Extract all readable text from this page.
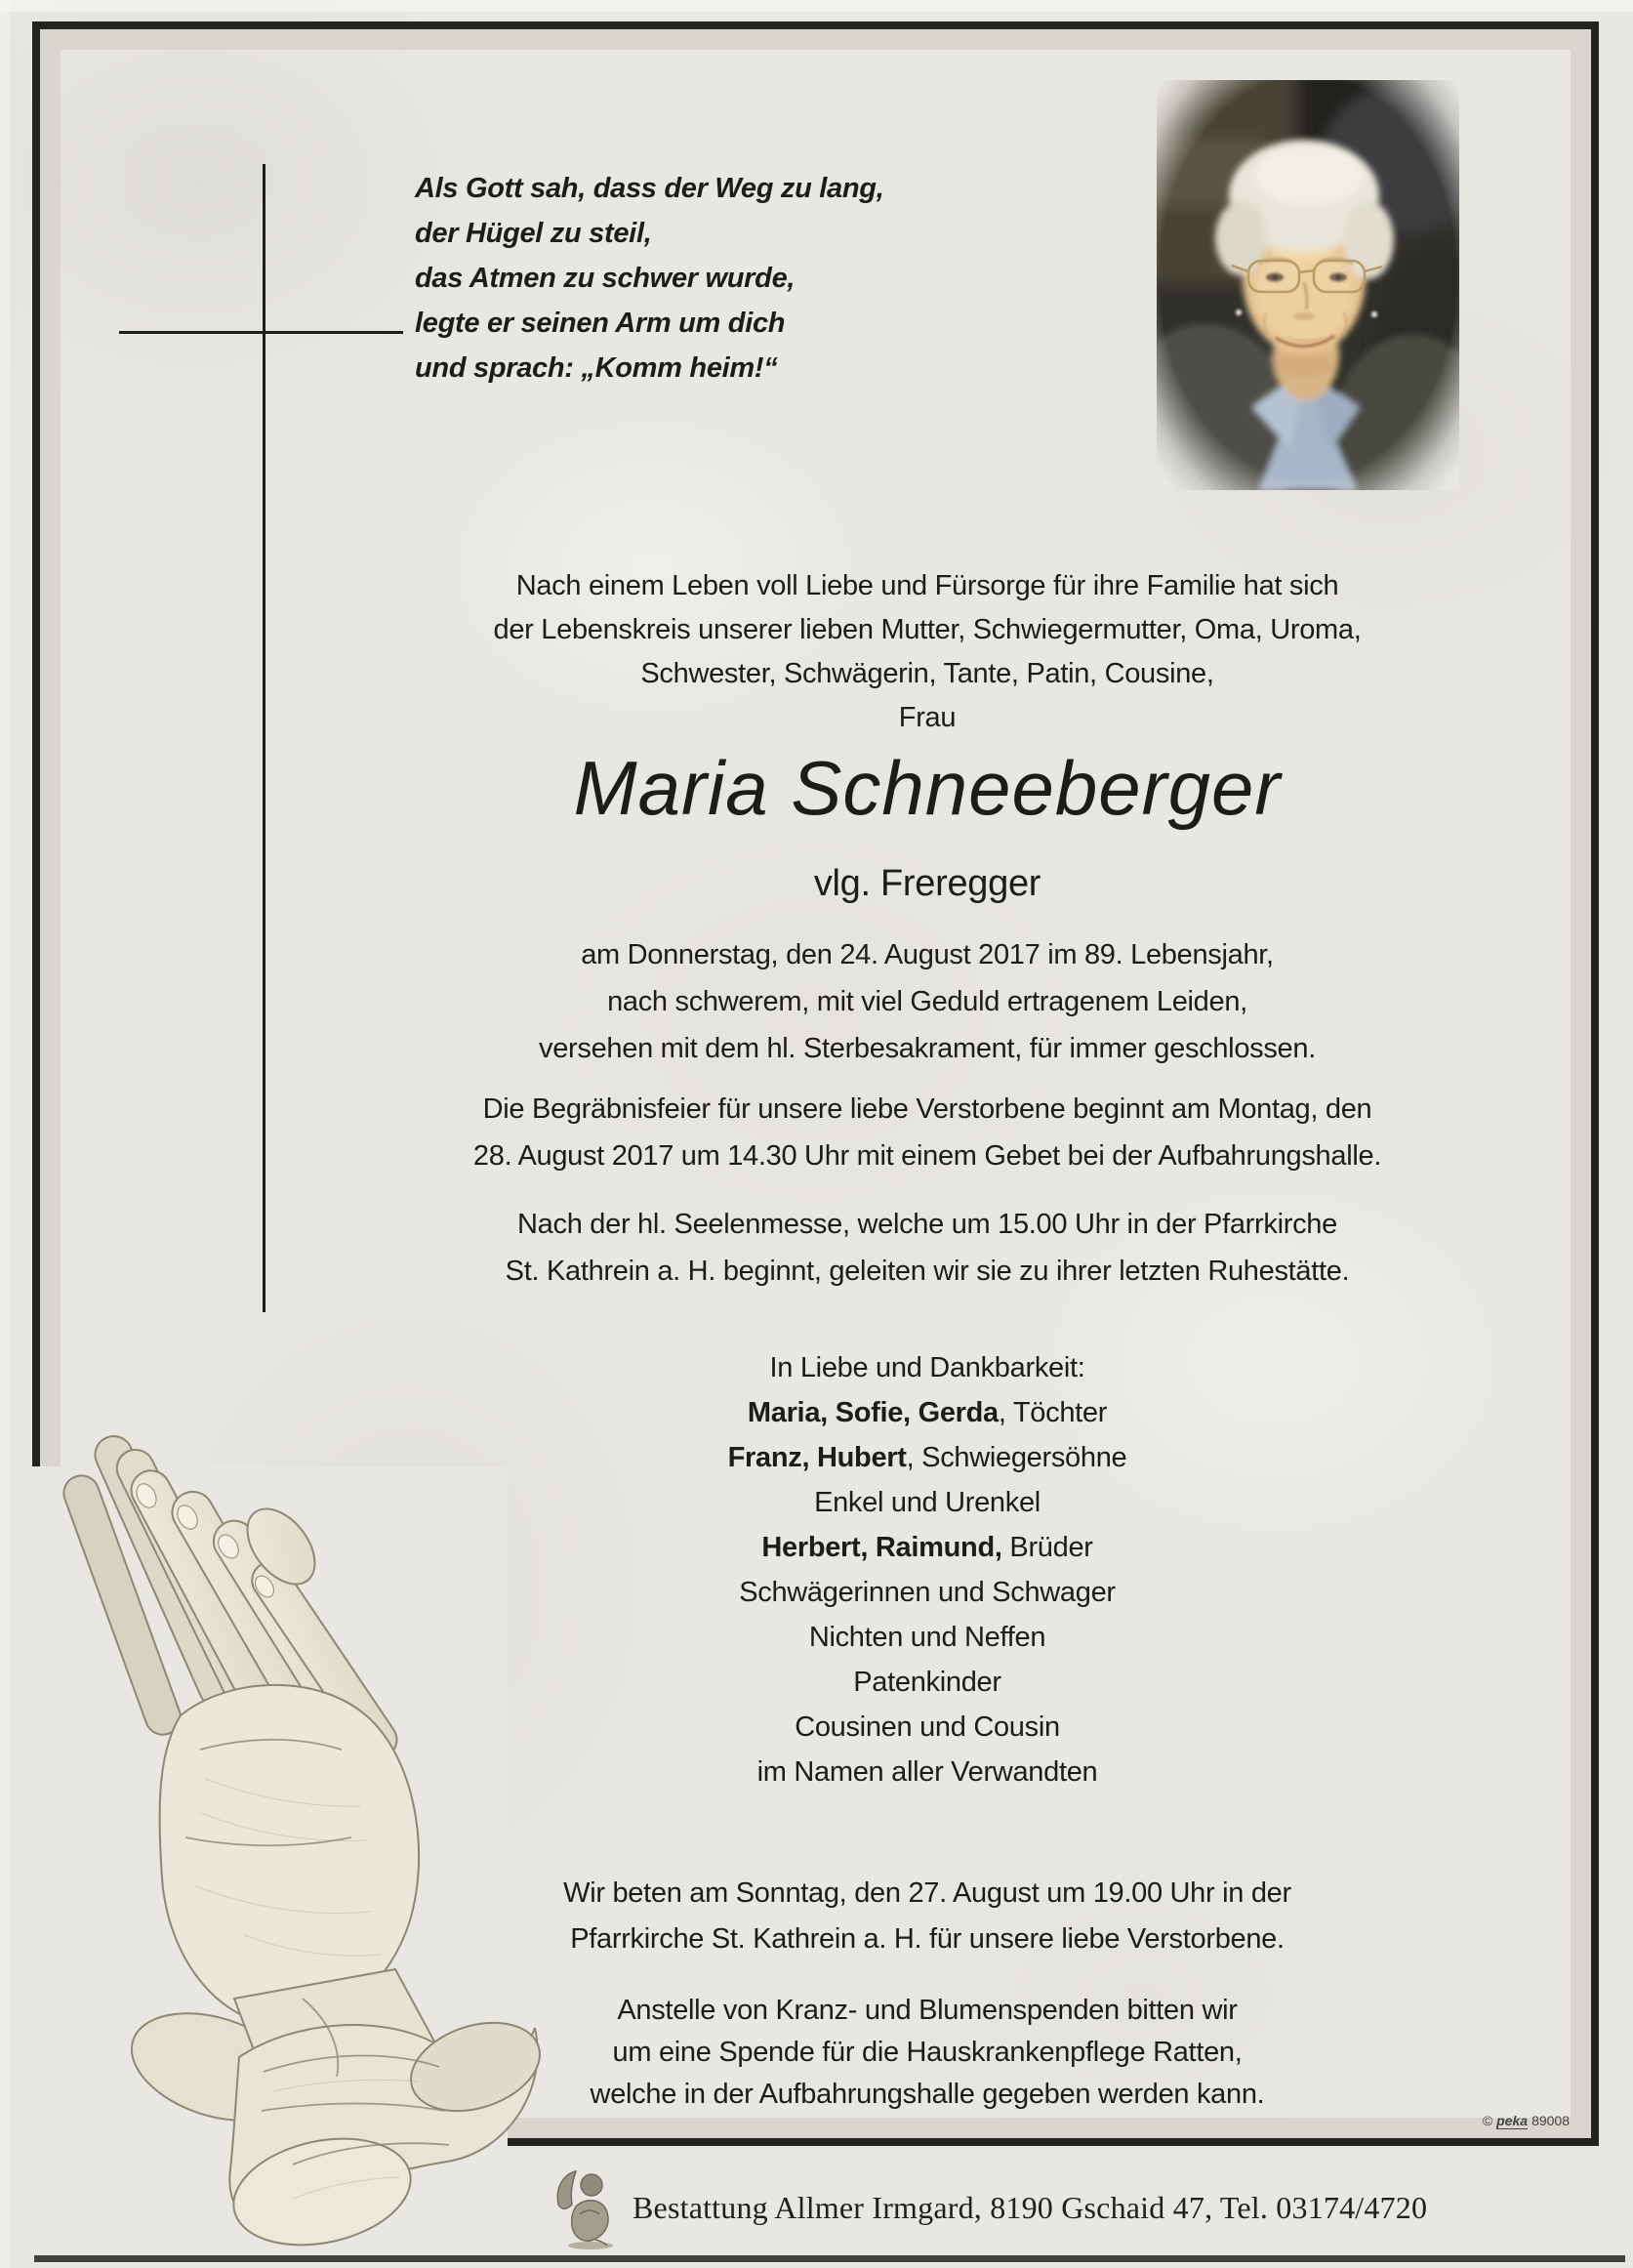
Als Gott sah, dass der Weg zu lang,
der Hügel zu steil,
das Atmen zu schwer wurde,
legte er seinen Arm um dich
und sprach: „Komm heim!“
Nach einem Leben voll Liebe und Fürsorge für ihre Familie hat sich
der Lebenskreis unserer lieben Mutter, Schwiegermutter, Oma, Uroma,
Schwester, Schwägerin, Tante, Patin, Cousine,
Frau
Maria Schneeberger
vlg. Freregger
am Donnerstag, den 24. August 2017 im 89. Lebensjahr,
nach schwerem, mit viel Geduld ertragenem Leiden,
versehen mit dem hl. Sterbesakrament, für immer geschlossen.
Die Begräbnisfeier für unsere liebe Verstorbene beginnt am Montag, den
28. August 2017 um 14.30 Uhr mit einem Gebet bei der Aufbahrungshalle.
Nach der hl. Seelenmesse, welche um 15.00 Uhr in der Pfarrkirche
St. Kathrein a. H. beginnt, geleiten wir sie zu ihrer letzten Ruhestätte.
In Liebe und Dankbarkeit:
Maria, Sofie, Gerda, Töchter
Franz, Hubert, Schwiegersöhne
Enkel und Urenkel
Herbert, Raimund, Brüder
Schwägerinnen und Schwager
Nichten und Neffen
Patenkinder
Cousinen und Cousin
im Namen aller Verwandten
Wir beten am Sonntag, den 27. August um 19.00 Uhr in der
Pfarrkirche St. Kathrein a. H. für unsere liebe Verstorbene.
Anstelle von Kranz- und Blumenspenden bitten wir
um eine Spende für die Hauskrankenpflege Ratten,
welche in der Aufbahrungshalle gegeben werden kann.
© peka 89008
Bestattung Allmer Irmgard, 8190 Gschaid 47, Tel. 03174/4720
